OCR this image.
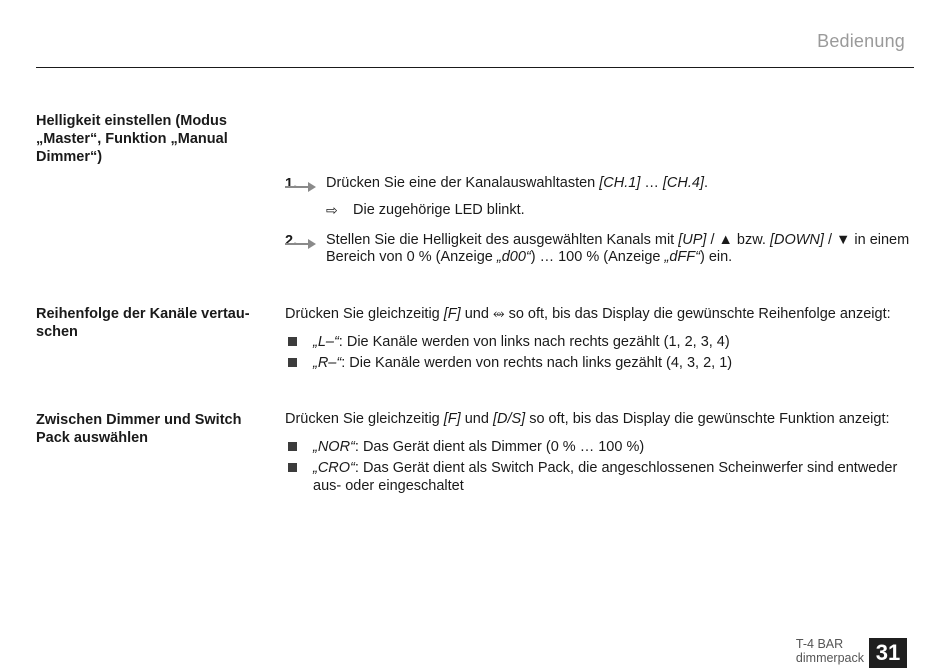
Bedienung
Helligkeit einstellen (Modus „Master“, Funktion „Manual Dimmer“)
1. Drücken Sie eine der Kanalauswahltasten [CH.1] … [CH.4].
⇨ Die zugehörige LED blinkt.
2. Stellen Sie die Helligkeit des ausgewählten Kanals mit [UP] / ▲ bzw. [DOWN] / ▼ in einem
Bereich von 0 % (Anzeige „d00“) … 100 % (Anzeige „dFF“) ein.
Reihenfolge der Kanäle vertauschen
Drücken Sie gleichzeitig [F] und ⥈ so oft, bis das Display die gewünschte Reihenfolge anzeigt:
„L–“: Die Kanäle werden von links nach rechts gezählt (1, 2, 3, 4)
„R–“: Die Kanäle werden von rechts nach links gezählt (4, 3, 2, 1)
Zwischen Dimmer und Switch Pack auswählen
Drücken Sie gleichzeitig [F] und [D/S] so oft, bis das Display die gewünschte Funktion anzeigt:
„NOR“: Das Gerät dient als Dimmer (0 % … 100 %)
„CRO“: Das Gerät dient als Switch Pack, die angeschlossenen Scheinwerfer sind entweder aus- oder eingeschaltet
T-4 BAR
dimmerpack 31
